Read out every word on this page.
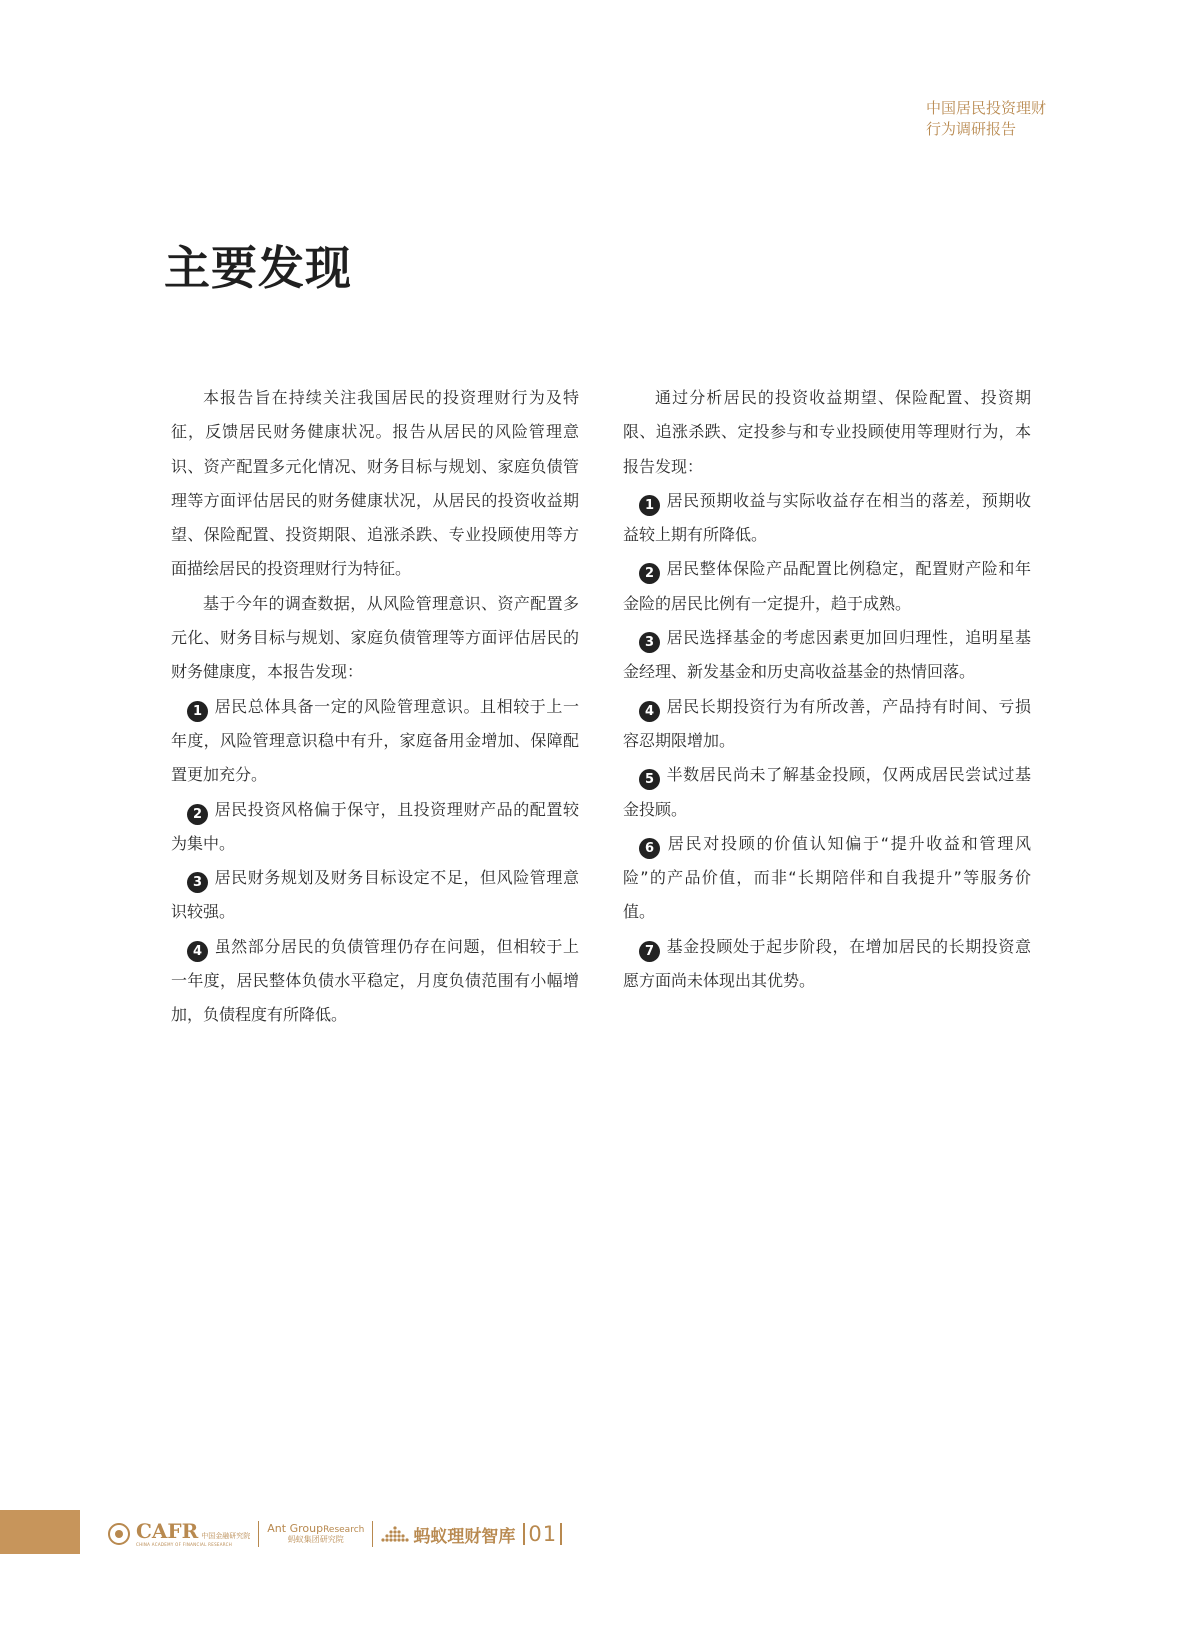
中国居民投资理财
行为调研报告
主要发现

本报告旨在持续关注我国居民的投资理财行为及特征，反馈居民财务健康状况。报告从居民的风险管理意识、资产配置多元化情况、财务目标与规划、家庭负债管理等方面评估居民的财务健康状况，从居民的投资收益期望、保险配置、投资期限、追涨杀跌、专业投顾使用等方面描绘居民的投资理财行为特征。

基于今年的调查数据，从风险管理意识、资产配置多元化、财务目标与规划、家庭负债管理等方面评估居民的财务健康度，本报告发现：

1 居民总体具备一定的风险管理意识。且相较于上一年度，风险管理意识稳中有升，家庭备用金增加、保障配置更加充分。

2 居民投资风格偏于保守，且投资理财产品的配置较为集中。

3 居民财务规划及财务目标设定不足，但风险管理意识较强。

4 虽然部分居民的负债管理仍存在问题，但相较于上一年度，居民整体负债水平稳定，月度负债范围有小幅增加，负债程度有所降低。

通过分析居民的投资收益期望、保险配置、投资期限、追涨杀跌、定投参与和专业投顾使用等理财行为，本报告发现：

1 居民预期收益与实际收益存在相当的落差，预期收益较上期有所降低。

2 居民整体保险产品配置比例稳定，配置财产险和年金险的居民比例有一定提升，趋于成熟。

3 居民选择基金的考虑因素更加回归理性，追明星基金经理、新发基金和历史高收益基金的热情回落。

4 居民长期投资行为有所改善，产品持有时间、亏损容忍期限增加。

5 半数居民尚未了解基金投顾，仅两成居民尝试过基金投顾。

6 居民对投顾的价值认知偏于“提升收益和管理风险”的产品价值，而非“长期陪伴和自我提升”等服务价值。

7 基金投顾处于起步阶段，在增加居民的长期投资意愿方面尚未体现出其优势。

CAFR 中国金融研究院
CHINA ACADEMY OF FINANCIAL RESEARCH
Ant GroupResearch
蚂蚁集团研究院	蚂蚁理财智库 01
